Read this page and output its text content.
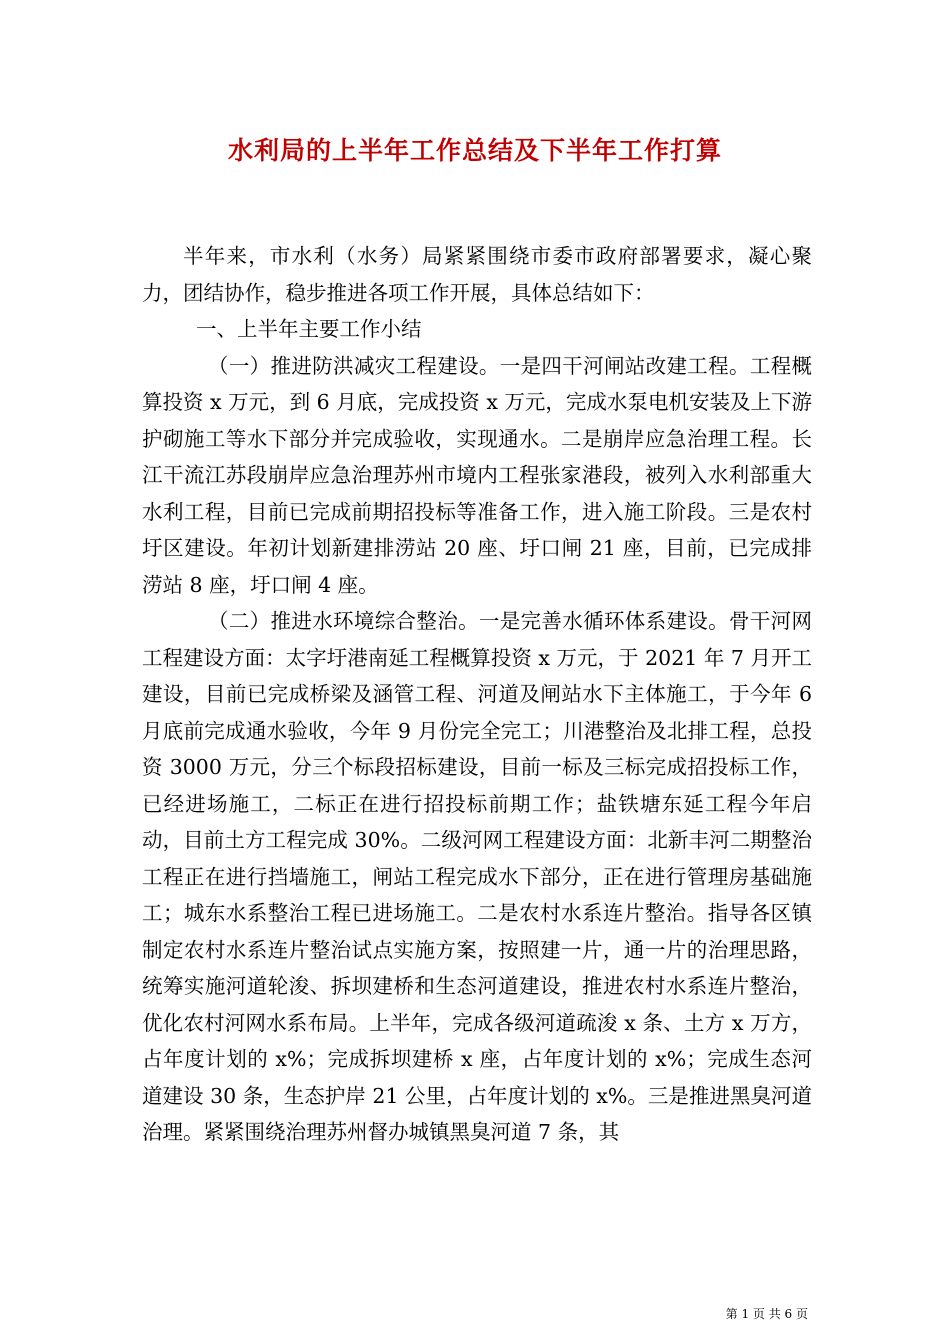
水利局的上半年工作总结及下半年工作打算

半年来，市水利（水务）局紧紧围绕市委市政府部署要求，凝心聚力，团结协作，稳步推进各项工作开展，具体总结如下：

一、上半年主要工作小结

（一）推进防洪减灾工程建设。一是四干河闸站改建工程。工程概算投资 x 万元，到 6 月底，完成投资 x 万元，完成水泵电机安装及上下游护砌施工等水下部分并完成验收，实现通水。二是崩岸应急治理工程。长江干流江苏段崩岸应急治理苏州市境内工程张家港段，被列入水利部重大水利工程，目前已完成前期招投标等准备工作，进入施工阶段。三是农村圩区建设。年初计划新建排涝站 20 座、圩口闸 21 座，目前，已完成排涝站 8 座，圩口闸 4 座。

（二）推进水环境综合整治。一是完善水循环体系建设。骨干河网工程建设方面：太字圩港南延工程概算投资 x 万元，于 2021 年 7 月开工建设，目前已完成桥梁及涵管工程、河道及闸站水下主体施工，于今年 6 月底前完成通水验收，今年 9 月份完全完工；川港整治及北排工程，总投资 3000 万元，分三个标段招标建设，目前一标及三标完成招投标工作，已经进场施工，二标正在进行招投标前期工作；盐铁塘东延工程今年启动，目前土方工程完成 30%。二级河网工程建设方面：北新丰河二期整治工程正在进行挡墙施工，闸站工程完成水下部分，正在进行管理房基础施工；城东水系整治工程已进场施工。二是农村水系连片整治。指导各区镇制定农村水系连片整治试点实施方案，按照建一片，通一片的治理思路，统筹实施河道轮浚、拆坝建桥和生态河道建设，推进农村水系连片整治，优化农村河网水系布局。上半年，完成各级河道疏浚 x 条、土方 x 万方，占年度计划的 x%；完成拆坝建桥 x 座，占年度计划的 x%；完成生态河道建设 30 条，生态护岸 21 公里，占年度计划的 x%。三是推进黑臭河道治理。紧紧围绕治理苏州督办城镇黑臭河道 7 条，其

第 1 页 共 6 页
